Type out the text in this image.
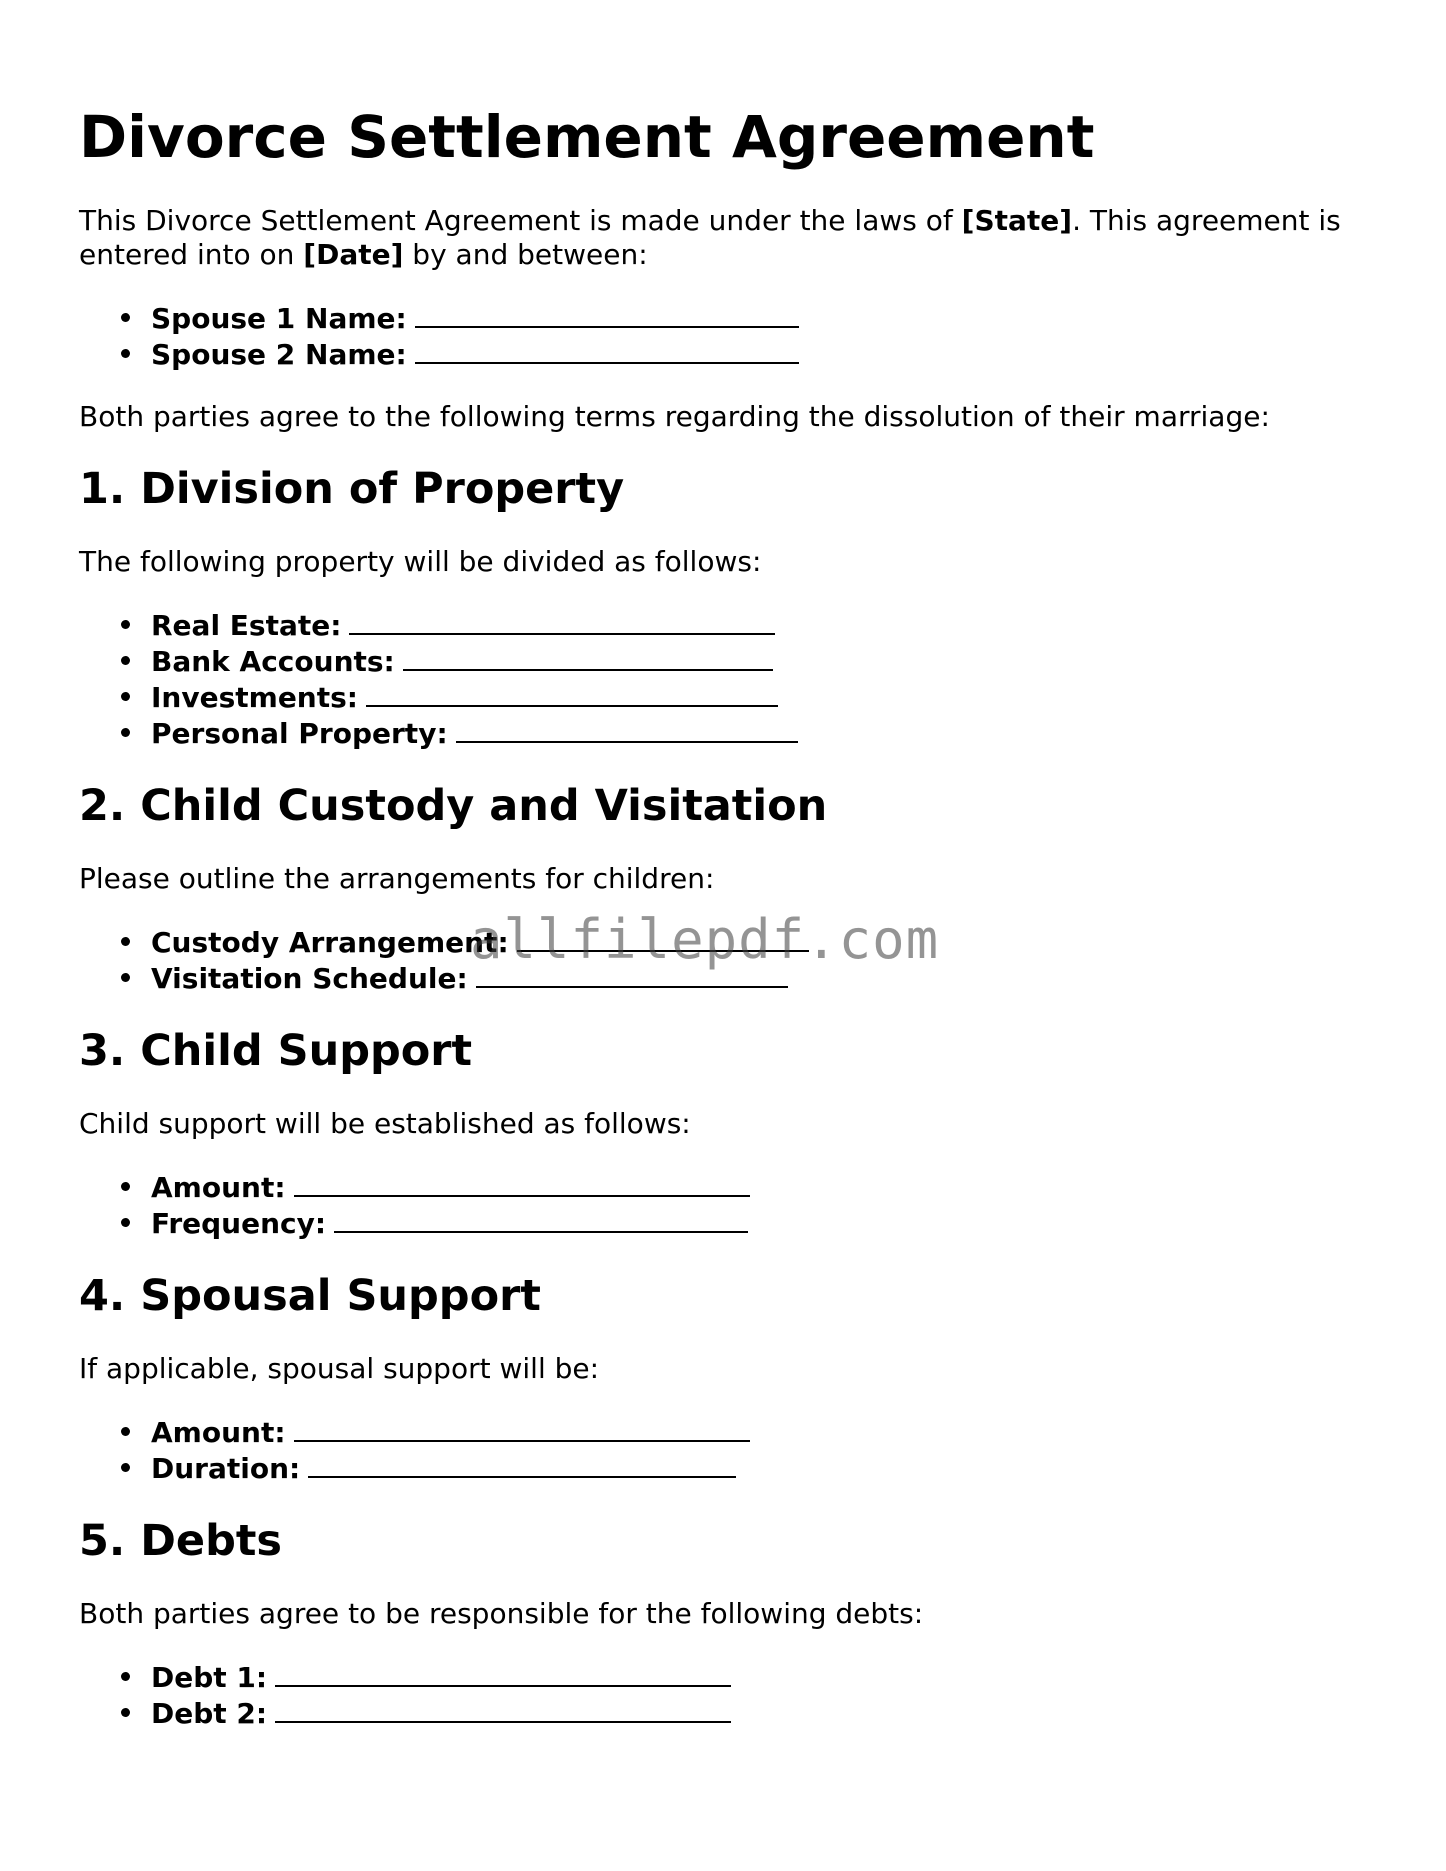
Divorce Settlement Agreement

This Divorce Settlement Agreement is made under the laws of [State]. This agreement is entered into on [Date] by and between:

Spouse 1 Name:
Spouse 2 Name:

Both parties agree to the following terms regarding the dissolution of their marriage:

1. Division of Property

The following property will be divided as follows:

Real Estate:
Bank Accounts:
Investments:
Personal Property:
2. Child Custody and Visitation

Please outline the arrangements for children:

Custody Arrangement:
Visitation Schedule:
3. Child Support

Child support will be established as follows:

Amount:
Frequency:
4. Spousal Support

If applicable, spousal support will be:

Amount:
Duration:
5. Debts

Both parties agree to be responsible for the following debts:

Debt 1:
Debt 2:
allfilepdf.com
